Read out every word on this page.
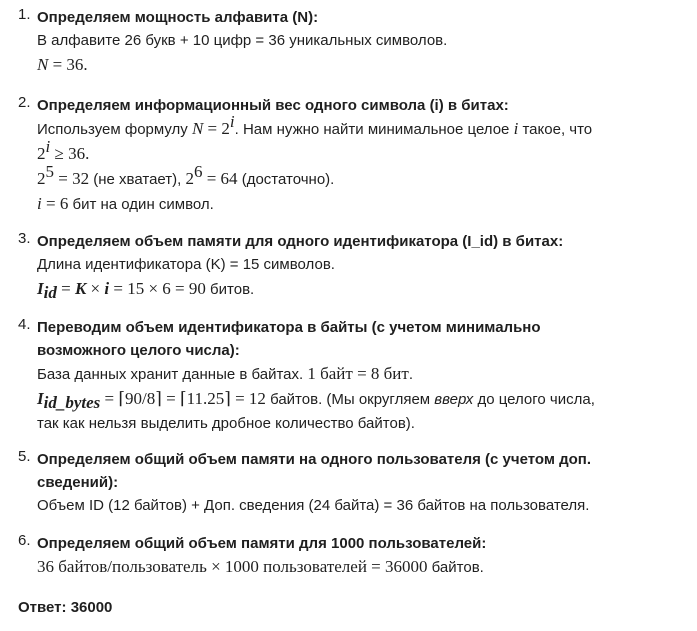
1. Определяем мощность алфавита (N):
В алфавите 26 букв + 10 цифр = 36 уникальных символов.
N = 36.
2. Определяем информационный вес одного символа (i) в битах:
Используем формулу $N = 2^i$. Нам нужно найти минимальное целое i такое, что
$2^i \ge 36$.
$2^5 = 32$ (не хватает), $2^6 = 64$ (достаточно).
i = 6 бит на один символ.
3. Определяем объем памяти для одного идентификатора (I_id) в битах:
Длина идентификатора (K) = 15 символов.
$I_{id} = K \times i = 15 \times 6 = 90$ битов.
4. Переводим объем идентификатора в байты (с учетом минимально возможного целого числа):
База данных хранит данные в байтах. 1 байт = 8 бит.
$I_{id\_bytes}$ = ⌈90/8⌉ = ⌈11.25⌉ = 12 байтов. (Мы округляем вверх до целого числа,
так как нельзя выделить дробное количество байтов).
5. Определяем общий объем памяти на одного пользователя (с учетом доп. сведений):
Объем ID (12 байтов) + Доп. сведения (24 байта) = 36 байтов на пользователя.
6. Определяем общий объем памяти для 1000 пользователей:
36 байтов/пользователь × 1000 пользователей = 36000 байтов.
Ответ: 36000
